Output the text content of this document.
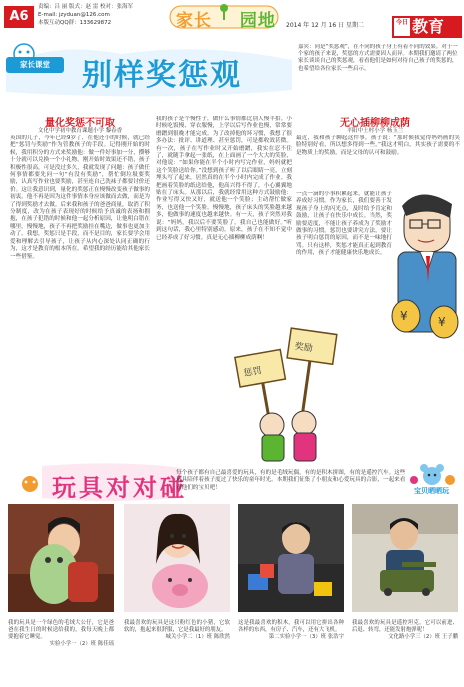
A6
责编：吕 丽 版式：赵 雷 校对：张海军
E-mail: jzyduan@126.com
本版互动QQ群：133629872	家长 园地 2014 年 12 月 16 日 星期二	今日 教育
家长课堂	别样奖惩观
嘉宾：同是“奖惩观”，在不同的孩子身上有着不同的效果。对于一个家的孩子来说，奖惩的方式需要因人而异。本期我们邀请了两位家长谈谈自己的奖惩观，看看他们是如何对待自己孩子的奖惩的，也希望给各位家长一些启示。
量化奖惩不可取
文化中学初中教育课题小学 黎春香
英国的儿子，今年已经9岁了，在他还小的时候，就已经把“惩罚与奖励”作为管教孩子的手段。记得刚开始的时候，我用积分的方式来奖励他：做一件好事加一分，攒够十分就可以兑换一个小礼物。刚开始时效果还不错，孩子积极性很高，可是没过多久，我就发现了问题：孩子做任何事情都要先问一句“有没有奖励”，帮忙倒垃圾要奖励，认真写作业也要奖励，甚至连自己洗袜子都要讨价还价。这让我意识到，量化的奖惩正在慢慢改变孩子做事的初衷。他不再是因为这件事情本身应该做而去做，而是为了得到奖励才去做。后来我和孩子的爸爸商量，取消了积分制度，改为在孩子表现好的时候给予真诚的表扬和拥抱，在孩子犯错的时候和他一起分析原因，让他明白错在哪里。慢慢地，孩子不再把奖励挂在嘴边，做事也更加主动了。我想，奖惩只是手段，而不是目的，家长要学会用爱和理解去引导孩子，让孩子从内心深处认同正确的行为，这才是教育的根本所在。希望我的经历能给其他家长一些借鉴。
我的孩子是个慢性子，做什么事情都比别人慢半拍。小时候吃饭慢、穿衣服慢，上学以后写作业也慢，常常要磨蹭到很晚才能完成。为了改掉他的坏习惯，我想了很多办法：批评、讲道理、甚至惩罚，可是都收效甚微。有一次，孩子在写作业时又开始磨蹭，我实在忍不住了，就随手拿起一张纸，在上面画了一个大大的笑脸，对他说：“如果你能在半个小时内写完作业，妈妈就把这个笑脸送给你。”没想到孩子听了以后眼睛一亮，立刻埋头写了起来，居然真的在半个小时内完成了作业。我把画着笑脸的纸送给他，他高兴得不得了，小心翼翼地贴在了床头。从那以后，我就经常用这种方式鼓励他：作业写得又快又好，就送他一个笑脸；主动帮忙做家务，也送他一个笑脸。慢慢地，孩子床头的笑脸越来越多，他做事的速度也越来越快。有一天，孩子突然对我说：“妈妈，我以后不要笑脸了，我自己也能做好。”听到这句话，我心里特别感动。原来，孩子在不知不觉中已经养成了好习惯。真是无心插柳柳成荫啊！
无心插柳柳成荫
平阳中土村小学 杨玉兰
最近，我和孩子聊起这件事，孩子说：“那时候我觉得妈妈画的笑脸特别好看，所以想多得到一些。”我这才明白，其实孩子需要的不是物质上的奖励，而是父母的认可和鼓励。
一点一滴的小事积累起来，就能让孩子养成好习惯。作为家长，我们要善于发现孩子身上的闪光点，及时给予肯定和鼓励，让孩子在快乐中成长。当然，奖励要适度，不能让孩子养成为了奖励才做事的习惯。惩罚也要讲究方法，要让孩子明白惩罚的原因，而不是一味地打骂。只有这样，奖惩才能真正起到教育的作用，孩子才能健康快乐地成长。
¥	¥
惩罚
奖励
玩具对对碰
每个孩子都有自己最喜爱的玩具，有的是毛绒玩偶，有的是积木拼图，有的是遥控汽车。这些玩具陪伴着孩子度过了快乐的童年时光。本期我们征集了小朋友和心爱玩具的合影，一起来看看他们的宝贝吧！	宝贝晒晒玩
我的玩具是一个绿色的毛绒大公仔，它是爸爸在我生日的时候送给我的，我每天晚上都要抱着它睡觉。
实验小学一（2）班 陈佳瑶
我最喜欢的玩具是这只粉红色的小猪，它软软的，抱起来很舒服，它是我最好的朋友。
城关小学二（1）班 陈欣然
这是我最喜欢的积木，我可以用它拼出各种各样的东西，有房子、汽车，还有大飞机。
第二实验小学一（3）班 张浩宇
我最喜欢的玩具是遥控坦克，它可以前进、后退、转弯，还能发射炮弹呢！
文化路小学三（2）班 王子鹏
